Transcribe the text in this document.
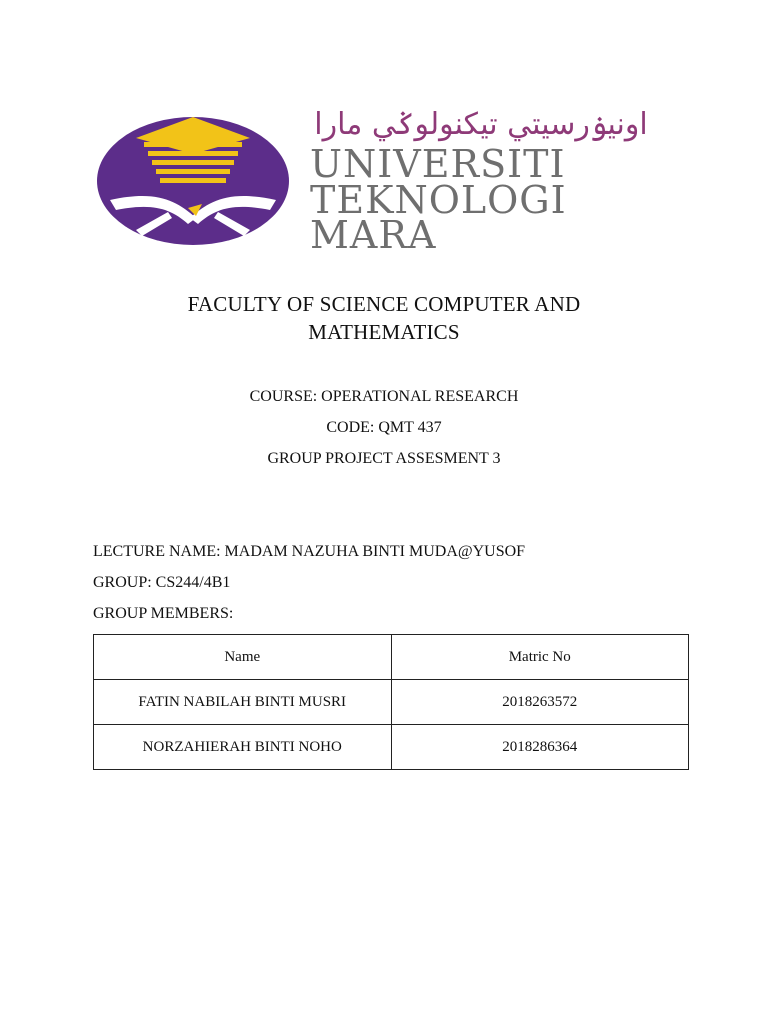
اونيۏرسيتي تيكنولوݢي مارا
UNIVERSITI
TEKNOLOGI
MARA
FACULTY OF SCIENCE COMPUTER AND
MATHEMATICS
COURSE: OPERATIONAL RESEARCH
CODE: QMT 437
GROUP PROJECT ASSESMENT 3
LECTURE NAME: MADAM NAZUHA BINTI MUDA@YUSOF
GROUP: CS244/4B1
GROUP MEMBERS:
Name	Matric No
FATIN NABILAH BINTI MUSRI	2018263572
NORZAHIERAH BINTI NOHO	2018286364
